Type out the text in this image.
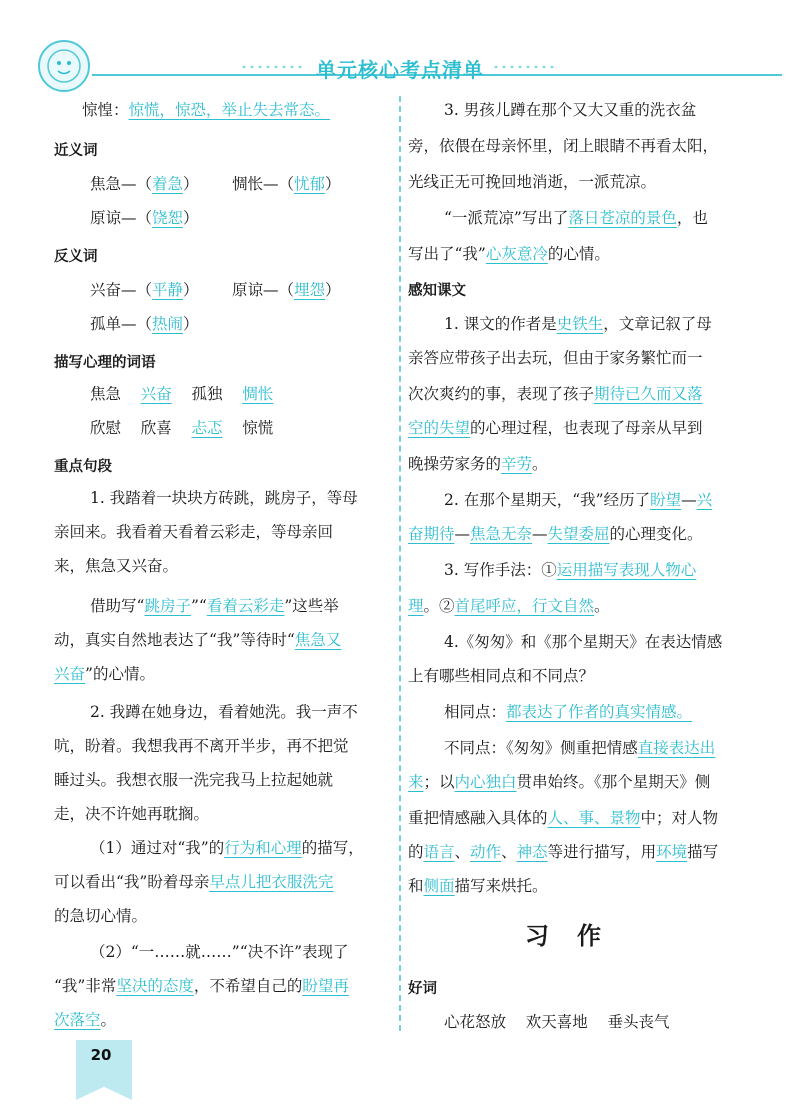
单元核心考点清单
惊惶：惊慌，惊恐，举止失去常态。
近义词
焦急—（着急） 惆怅—（忧郁）
原谅—（饶恕）
反义词
兴奋—（平静） 原谅—（埋怨）
孤单—（热闹）
描写心理的词语
焦急 兴奋 孤独 惆怅
欣慰 欣喜 忐忑 惊慌
重点句段
1. 我踏着一块块方砖跳，跳房子，等母
亲回来。我看着天看着云彩走，等母亲回
来，焦急又兴奋。
借助写“跳房子”“看着云彩走”这些举
动，真实自然地表达了“我”等待时“焦急又
兴奋”的心情。
2. 我蹲在她身边，看着她洗。我一声不
吭，盼着。我想我再不离开半步，再不把觉
睡过头。我想衣服一洗完我马上拉起她就
走，决不许她再耽搁。
（1）通过对“我”的行为和心理的描写，
可以看出“我”盼着母亲早点儿把衣服洗完
的急切心情。
（2）“一……就……”“决不许”表现了
“我”非常坚决的态度，不希望自己的盼望再
次落空。
3. 男孩儿蹲在那个又大又重的洗衣盆
旁，依偎在母亲怀里，闭上眼睛不再看太阳，
光线正无可挽回地消逝，一派荒凉。
“一派荒凉”写出了落日苍凉的景色，也
写出了“我”心灰意冷的心情。
感知课文
1. 课文的作者是史铁生，文章记叙了母
亲答应带孩子出去玩，但由于家务繁忙而一
次次爽约的事，表现了孩子期待已久而又落
空的失望的心理过程，也表现了母亲从早到
晚操劳家务的辛劳。
2. 在那个星期天，“我”经历了盼望—兴
奋期待—焦急无奈—失望委屈的心理变化。
3. 写作手法：①运用描写表现人物心
理。②首尾呼应，行文自然。
4.《匆匆》和《那个星期天》在表达情感
上有哪些相同点和不同点？
相同点：都表达了作者的真实情感。
不同点：《匆匆》侧重把情感直接表达出
来；以内心独白贯串始终。《那个星期天》侧
重把情感融入具体的人、事、景物中；对人物
的语言、动作、神态等进行描写，用环境描写
和侧面描写来烘托。
习作
好词
心花怒放 欢天喜地 垂头丧气
20
